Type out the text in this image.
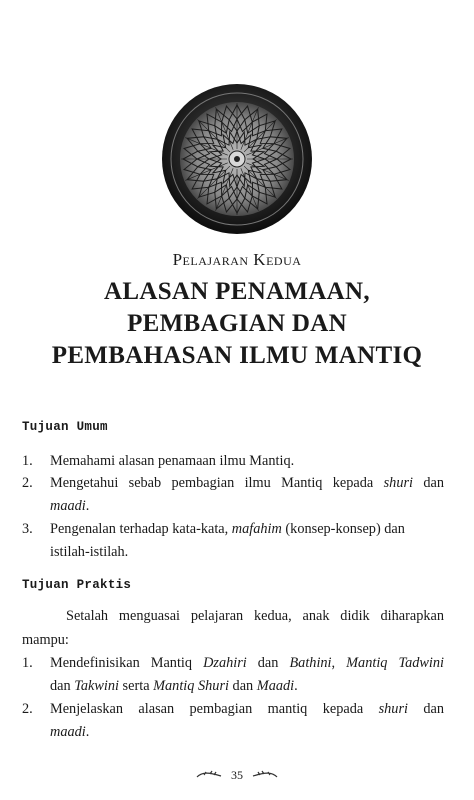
Pelajaran Kedua
ALASAN PENAMAAN,
PEMBAGIAN DAN
PEMBAHASAN ILMU MANTIQ
Tujuan Umum
1.	Memahami alasan penamaan ilmu Mantiq.
2.	Mengetahui sebab pembagian ilmu Mantiq kepada shuri dan
maadi.
3.	Pengenalan terhadap kata-kata, mafahim (konsep-konsep) dan istilah-istilah.
Tujuan Praktis
Setalah menguasai pelajaran kedua, anak didik diharapkan
mampu:
1.	Mendefinisikan Mantiq Dzahiri dan Bathini, Mantiq Tadwini
dan Takwini serta Mantiq Shuri dan Maadi.
2.	Menjelaskan alasan pembagian mantiq kepada shuri dan
maadi.
35
